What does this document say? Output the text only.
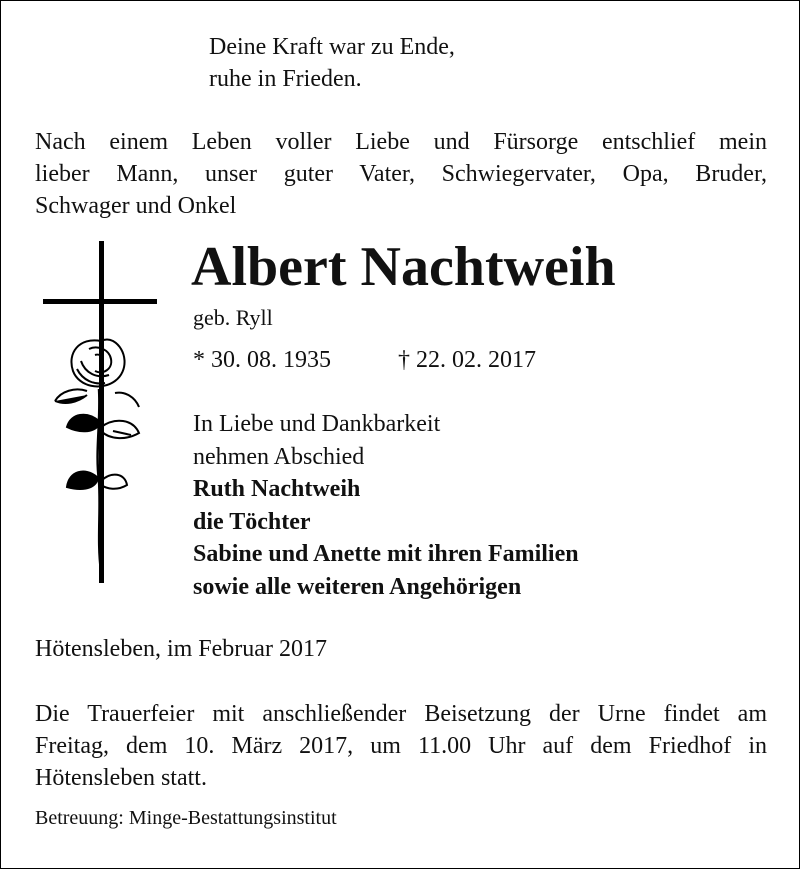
Deine Kraft war zu Ende,
ruhe in Frieden.
Nach einem Leben voller Liebe und Fürsorge entschlief mein
lieber Mann, unser guter Vater, Schwiegervater, Opa, Bruder,
Schwager und Onkel
Albert Nachtweih
geb. Ryll
* 30. 08. 1935	† 22. 02. 2017
In Liebe und Dankbarkeit
nehmen Abschied
Ruth Nachtweih
die Töchter
Sabine und Anette mit ihren Familien
sowie alle weiteren Angehörigen
Hötensleben, im Februar 2017
Die Trauerfeier mit anschließender Beisetzung der Urne findet am
Freitag, dem 10. März 2017, um 11.00 Uhr auf dem Friedhof in
Hötensleben statt.
Betreuung: Minge-Bestattungsinstitut
